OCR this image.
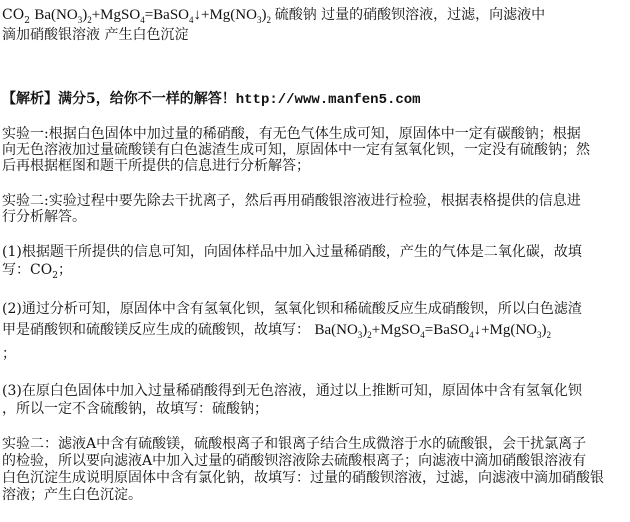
$CO_2$ $Ba(NO_3)_2+MgSO_4=BaSO_4↓+Mg(NO_3)_2$ 硫酸钠 过量的硝酸钡溶液，过滤，向滤液中
滴加硝酸银溶液 产生白色沉淀
【解析】满分5，给你不一样的解答！http://www.manfen5.com
实验一:根据白色固体中加过量的稀硝酸，有无色气体生成可知，原固体中一定有碳酸钠；根据
向无色溶液加过量硫酸镁有白色滤渣生成可知，原固体中一定有氢氧化钡，一定没有硫酸钠；然
后再根据框图和题干所提供的信息进行分析解答；
实验二:实验过程中要先除去干扰离子，然后再用硝酸银溶液进行检验，根据表格提供的信息进
行分析解答。
(1)根据题干所提供的信息可知，向固体样品中加入过量稀硝酸，产生的气体是二氧化碳，故填
写：$CO_2$；
(2)通过分析可知，原固体中含有氢氧化钡，氢氧化钡和稀硫酸反应生成硝酸钡，所以白色滤渣
甲是硝酸钡和硫酸镁反应生成的硫酸钡，故填写： $Ba(NO_3)_2+MgSO_4=BaSO_4↓+Mg(NO_3)_2$
；
(3)在原白色固体中加入过量稀硝酸得到无色溶液，通过以上推断可知，原固体中含有氢氧化钡
，所以一定不含硫酸钠，故填写：硫酸钠；
实验二：滤液A中含有硫酸镁，硫酸根离子和银离子结合生成微溶于水的硫酸银，会干扰氯离子
的检验，所以要向滤液A中加入过量的硝酸钡溶液除去硫酸根离子；向滤液中滴加硝酸银溶液有
白色沉淀生成说明原固体中含有氯化钠，故填写：过量的硝酸钡溶液，过滤，向滤液中滴加硝酸银
溶液；产生白色沉淀。
